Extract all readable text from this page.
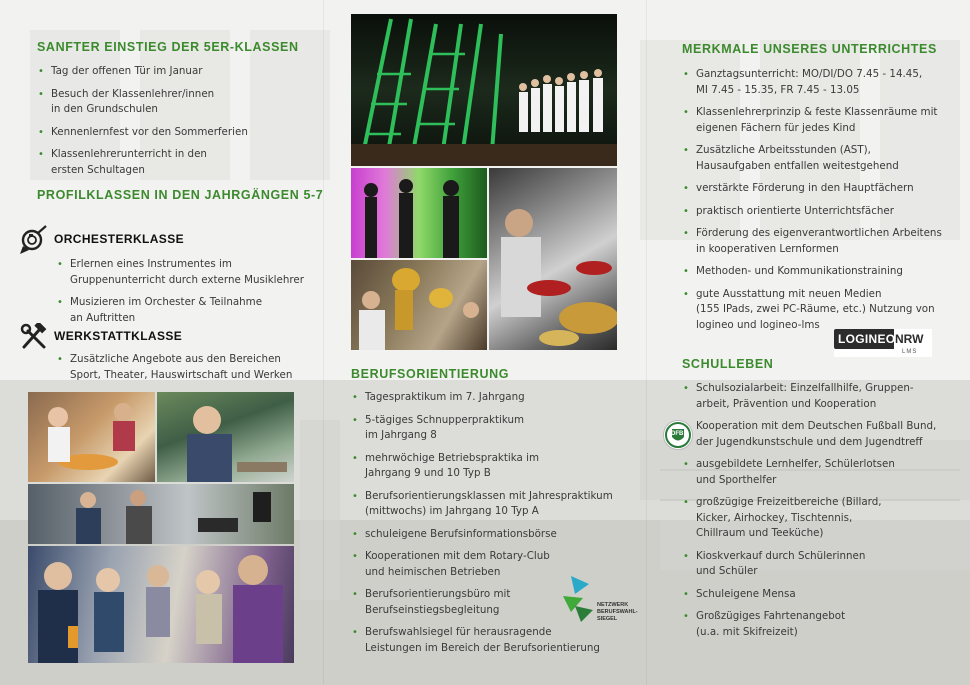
SANFTER EINSTIEG DER 5ER-KLASSEN
• Tag der offenen Tür im Januar
• Besuch der Klassenlehrer/innen
in den Grundschulen
• Kennenlernfest vor den Sommerferien
• Klassenlehrerunterricht in den
ersten Schultagen
PROFILKLASSEN IN DEN JAHRGÄNGEN 5-7
ORCHESTERKLASSE
• Erlernen eines Instrumentes im
Gruppenunterricht durch externe Musiklehrer
• Musizieren im Orchester & Teilnahme
an Auftritten
WERKSTATTKLASSE
• Zusätzliche Angebote aus den Bereichen
Sport, Theater, Hauswirtschaft und Werken	BERUFSORIENTIERUNG
• Tagespraktikum im 7. Jahrgang
• 5-tägiges Schnupperpraktikum
im Jahrgang 8
• mehrwöchige Betriebspraktika im
Jahrgang 9 und 10 Typ B
• Berufsorientierungsklassen mit Jahrespraktikum
(mittwochs) im Jahrgang 10 Typ A
• schuleigene Berufsinformationsbörse
• Kooperationen mit dem Rotary-Club
und heimischen Betrieben
• Berufsorientierungsbüro mit
Berufseinstiegsbegleitung
• Berufswahlsiegel für herausragende
Leistungen im Bereich der Berufsorientierung
NETZWERK
BERUFSWAHL-
SIEGEL
MERKMALE UNSERES UNTERRICHTES
• Ganztagsunterricht: MO/DI/DO 7.45 - 14.45,
MI 7.45 - 15.35, FR 7.45 - 13.05
• Klassenlehrerprinzip & feste Klassenräume mit
eigenen Fächern für jedes Kind
• Zusätzliche Arbeitsstunden (AST),
Hausaufgaben entfallen weitestgehend
• verstärkte Förderung in den Hauptfächern
• praktisch orientierte Unterrichtsfächer
• Förderung des eigenverantwortlichen Arbeitens
in kooperativen Lernformen
• Methoden- und Kommunikationstraining
• gute Ausstattung mit neuen Medien
(155 IPads, zwei PC-Räume, etc.) Nutzung von
logineo und logineo-lms
LOGINEO NRW
LMS
SCHULLEBEN
• Schulsozialarbeit: Einzelfallhilfe, Gruppen-
arbeit, Prävention und Kooperation
• Kooperation mit dem Deutschen Fußball Bund,
der Jugendkunstschule und dem Jugendtreff
• ausgebildete Lernhelfer, Schülerlotsen
und Sporthelfer
• großzügige Freizeitbereiche (Billard,
Kicker, Airhockey, Tischtennis,
Chillraum und Teeküche)
• Kioskverkauf durch Schülerinnen
und Schüler
• Schuleigene Mensa
• Großzügiges Fahrtenangebot
(u.a. mit Skifreizeit)
DFB
